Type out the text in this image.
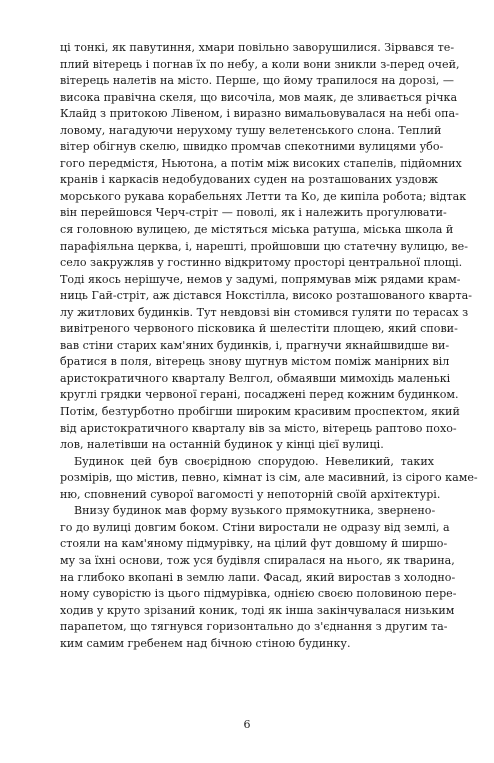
ці тонкі, як павутиння, хмари повільно заворушилися. Зірвався те-
плий вітерець і погнав їх по небу, а коли вони зникли з-перед очей,
вітерець налетів на місто. Перше, що йому трапилося на дорозі, —
висока правічна скеля, що височіла, мов маяк, де зливається річка
Клайд з притокою Лівеном, і виразно вимальовувалася на небі опа-
ловому, нагадуючи нерухому тушу велетенського слона. Теплий
вітер обігнув скелю, швидко промчав спекотними вулицями убо-
гого передмістя, Ньютона, а потім між високих стапелів, підйомних
кранів і каркасів недобудованих суден на розташованих уздовж
морського рукава корабельнях Летти та Ко, де кипіла робота; відтак
він перейшовся Черч-стріт — поволі, як і належить прогулювати-
ся головною вулицею, де містяться міська ратуша, міська школа й
парафіяльна церква, і, нарешті, пройшовши цю статечну вулицю, ве-
село закружляв у гостинно відкритому просторі центральної площі.
Тоді якось нерішуче, немов у задумі, попрямував між рядами крам-
ниць Гай-стріт, аж дістався Нокстілла, високо розташованого кварта-
лу житлових будинків. Тут невдовзі він стомився гуляти по терасах з
вивітреного червоного пісковика й шелестіти площею, який спови-
вав стіни старих кам'яних будинків, і, прагнучи якнайшвидше ви-
братися в поля, вітерець знову шугнув містом поміж манірних віл
аристократичного кварталу Велгол, обмаявши мимохідь маленькі
круглі грядки червоної герані, посаджені перед кожним будинком.
Потім, безтурботно пробігши широким красивим проспектом, який
від аристократичного кварталу вів за місто, вітерець раптово похо-
лов, налетівши на останній будинок у кінці цієї вулиці.

Будинок цей був своєрідною спорудою. Невеликий, таких
розмірів, що містив, певно, кімнат із сім, але масивний, із сірого каме-
ню, сповнений суворої вагомості у непоторній своїй архітектурі.

Внизу будинок мав форму вузького прямокутника, звернено-
го до вулиці довгим боком. Стіни виростали не одразу від землі, а
стояли на кам'яному підмурівку, на цілий фут довшому й ширшо-
му за їхні основи, тож уся будівля спиралася на нього, як тварина,
на глибоко вкопані в землю лапи. Фасад, який виростав з холодно-
ному суворістю із цього підмурівка, однією своєю половиною пере-
ходив у круто зрізаний коник, тоді як інша закінчувалася низьким
парапетом, що тягнувся горизонтально до з'єднання з другим та-
ким самим гребенем над бічною стіною будинку.

6
